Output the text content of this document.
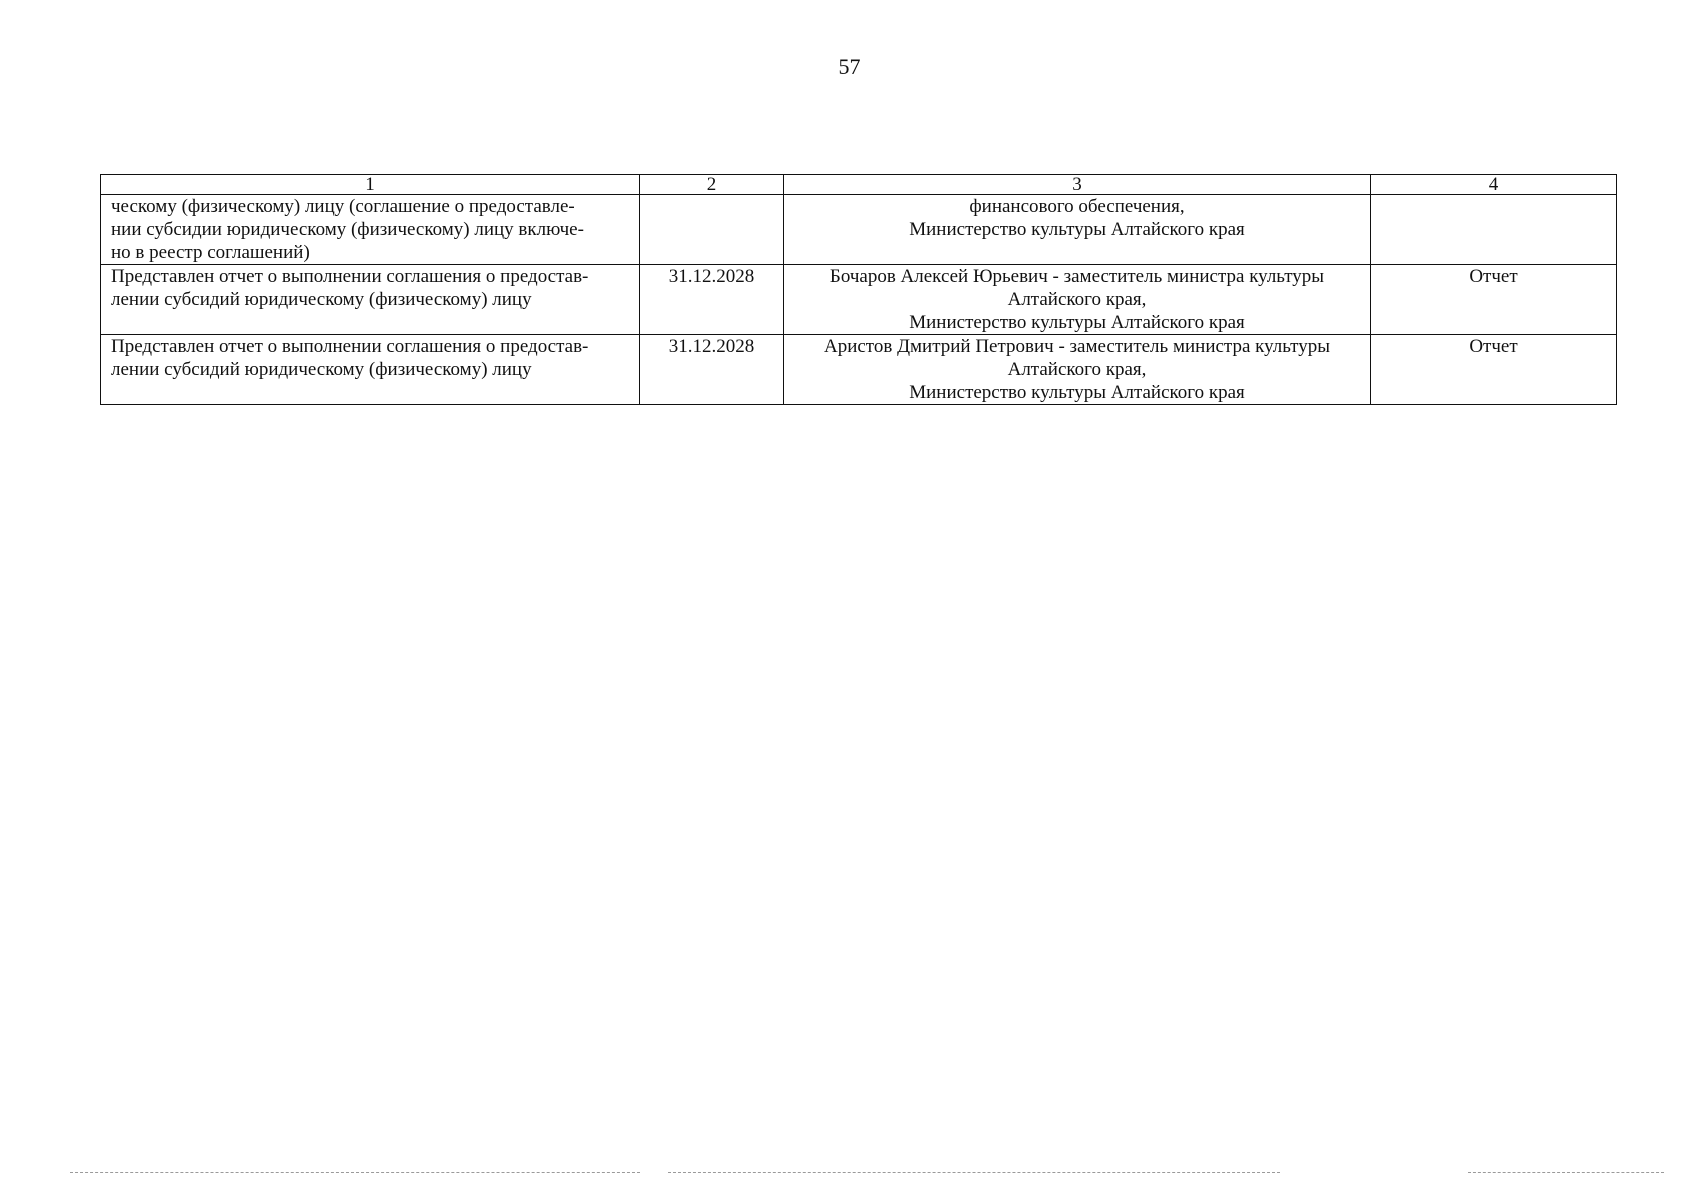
57
1	2	3	4

ческому (физическому) лицу (соглашение о предоставле-
нии субсидии юридическому (физическому) лицу включе-
но в реестр соглашений)		финансового обеспечения,
Министерство культуры Алтайского края	

Представлен отчет о выполнении соглашения о предостав-
лении субсидий юридическому (физическому) лицу	31.12.2028	Бочаров Алексей Юрьевич - заместитель министра культуры
Алтайского края,
Министерство культуры Алтайского края	Отчет

Представлен отчет о выполнении соглашения о предостав-
лении субсидий юридическому (физическому) лицу	31.12.2028	Аристов Дмитрий Петрович - заместитель министра культуры
Алтайского края,
Министерство культуры Алтайского края	Отчет
